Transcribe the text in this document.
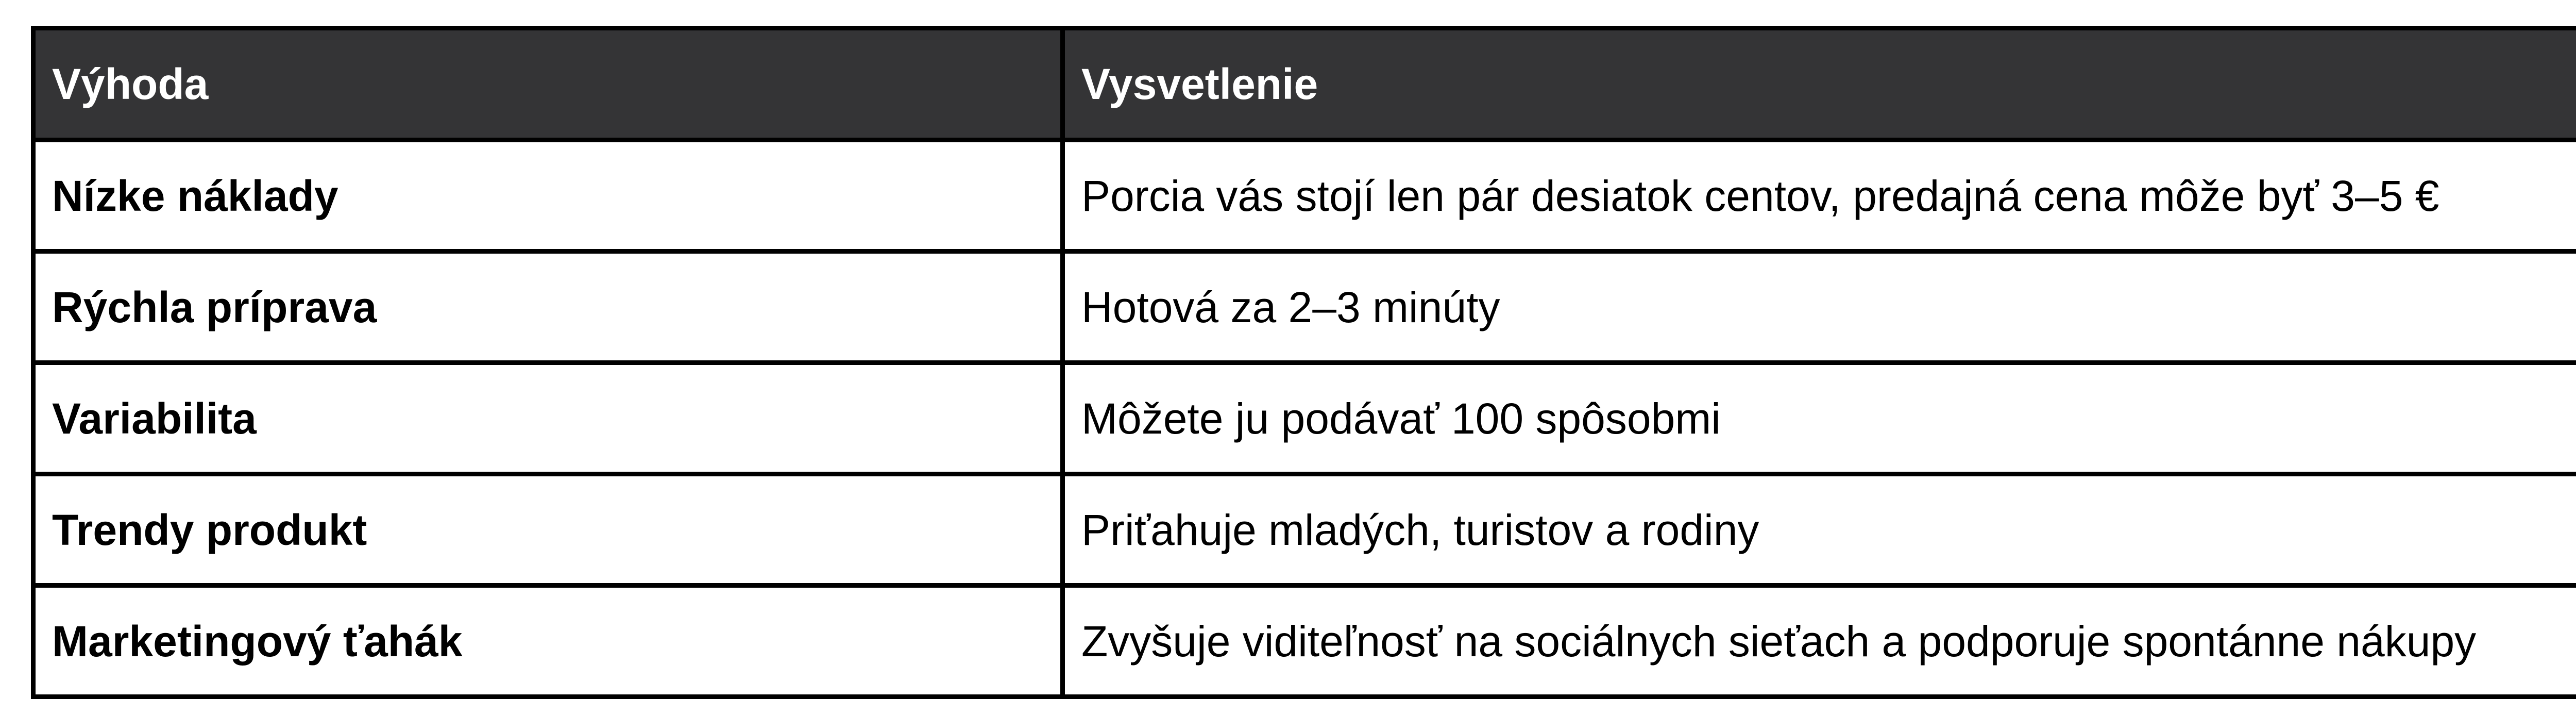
Výhoda	Vysvetlenie
Nízke náklady	Porcia vás stojí len pár desiatok centov, predajná cena môže byť 3–5 €
Rýchla príprava	Hotová za 2–3 minúty
Variabilita	Môžete ju podávať 100 spôsobmi
Trendy produkt	Priťahuje mladých, turistov a rodiny
Marketingový ťahák	Zvyšuje viditeľnosť na sociálnych sieťach a podporuje spontánne nákupy
